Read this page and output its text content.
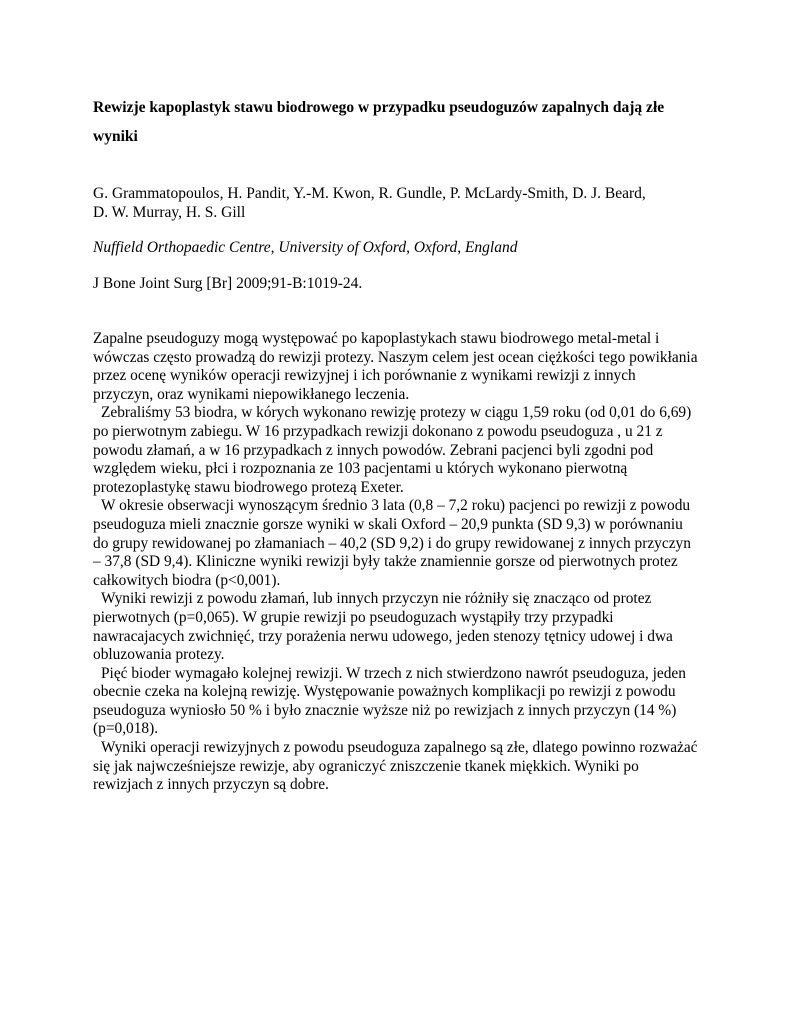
Rewizje kapoplastyk stawu biodrowego w przypadku pseudoguzów zapalnych dają złe
wyniki
G. Grammatopoulos, H. Pandit, Y.-M. Kwon, R. Gundle, P. McLardy-Smith, D. J. Beard,
D. W. Murray, H. S. Gill
Nuffield Orthopaedic Centre, University of Oxford, Oxford, England
J Bone Joint Surg [Br] 2009;91-B:1019-24.

Zapalne pseudoguzy mogą występować po kapoplastykach stawu biodrowego metal-metal i wówczas często prowadzą do rewizji protezy. Naszym celem jest ocean ciężkości tego powikłania przez ocenę wyników operacji rewizyjnej i ich porównanie z wynikami rewizji z innych przyczyn, oraz wynikami niepowikłanego leczenia.

Zebraliśmy 53 biodra, w kórych wykonano rewizję protezy w ciągu 1,59 roku (od 0,01 do 6,69) po pierwotnym zabiegu. W 16 przypadkach rewizji dokonano z powodu pseudoguza , u 21 z powodu złamań, a w 16 przypadkach z innych powodów. Zebrani pacjenci byli zgodni pod względem wieku, płci i rozpoznania ze 103 pacjentami u których wykonano pierwotną protezoplastykę stawu biodrowego protezą Exeter.

W okresie obserwacji wynoszącym średnio 3 lata (0,8 – 7,2 roku) pacjenci po rewizji z powodu pseudoguza mieli znacznie gorsze wyniki w skali Oxford – 20,9 punkta (SD 9,3) w porównaniu do grupy rewidowanej po złamaniach – 40,2 (SD 9,2) i do grupy rewidowanej z innych przyczyn – 37,8 (SD 9,4). Kliniczne wyniki rewizji były także znamiennie gorsze od pierwotnych protez całkowitych biodra (p<0,001).

Wyniki rewizji z powodu złamań, lub innych przyczyn nie różniły się znacząco od protez pierwotnych (p=0,065). W grupie rewizji po pseudoguzach wystąpiły trzy przypadki nawracajacych zwichnięć, trzy porażenia nerwu udowego, jeden stenozy tętnicy udowej i dwa obluzowania protezy.

Pięć bioder wymagało kolejnej rewizji. W trzech z nich stwierdzono nawrót pseudoguza, jeden obecnie czeka na kolejną rewizję. Występowanie poważnych komplikacji po rewizji z powodu pseudoguza wyniosło 50 % i było znacznie wyższe niż po rewizjach z innych przyczyn (14 %) (p=0,018).

Wyniki operacji rewizyjnych z powodu pseudoguza zapalnego są złe, dlatego powinno rozważać się jak najwcześniejsze rewizje, aby ograniczyć zniszczenie tkanek miękkich. Wyniki po rewizjach z innych przyczyn są dobre.
